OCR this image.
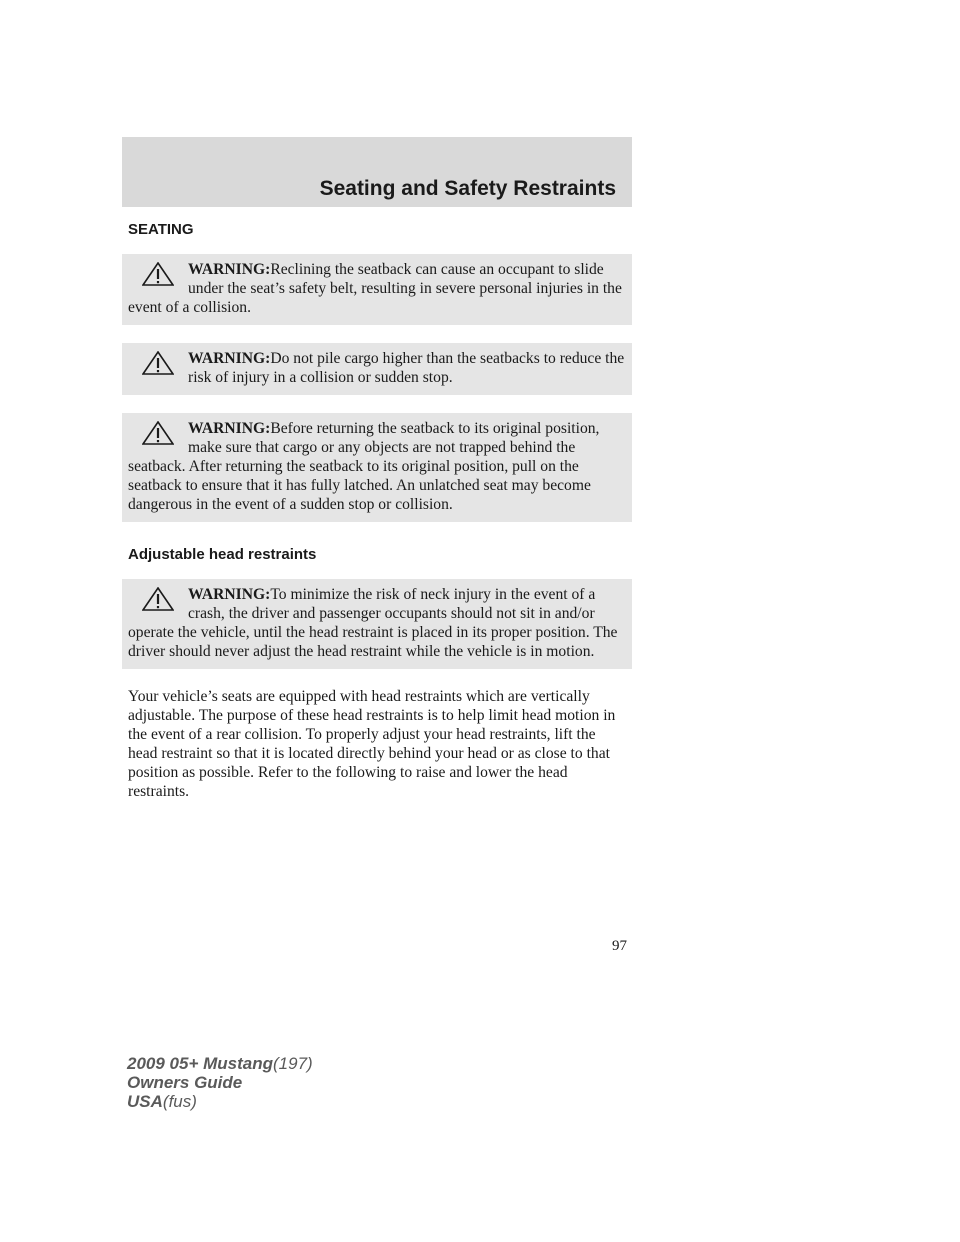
Seating and Safety Restraints
SEATING
WARNING:Reclining the seatback can cause an occupant to slide under the seat’s safety belt, resulting in severe personal injuries in the event of a collision.
WARNING:Do not pile cargo higher than the seatbacks to reduce the risk of injury in a collision or sudden stop.
WARNING:Before returning the seatback to its original position, make sure that cargo or any objects are not trapped behind the seatback. After returning the seatback to its original position, pull on the seatback to ensure that it has fully latched. An unlatched seat may become dangerous in the event of a sudden stop or collision.
Adjustable head restraints
WARNING:To minimize the risk of neck injury in the event of a crash, the driver and passenger occupants should not sit in and/or operate the vehicle, until the head restraint is placed in its proper position. The driver should never adjust the head restraint while the vehicle is in motion.

Your vehicle’s seats are equipped with head restraints which are vertically adjustable. The purpose of these head restraints is to help limit head motion in the event of a rear collision. To properly adjust your head restraints, lift the head restraint so that it is located directly behind your head or as close to that position as possible. Refer to the following to raise and lower the head restraints.

97
2009 05+ Mustang(197)
Owners Guide
USA(fus)
